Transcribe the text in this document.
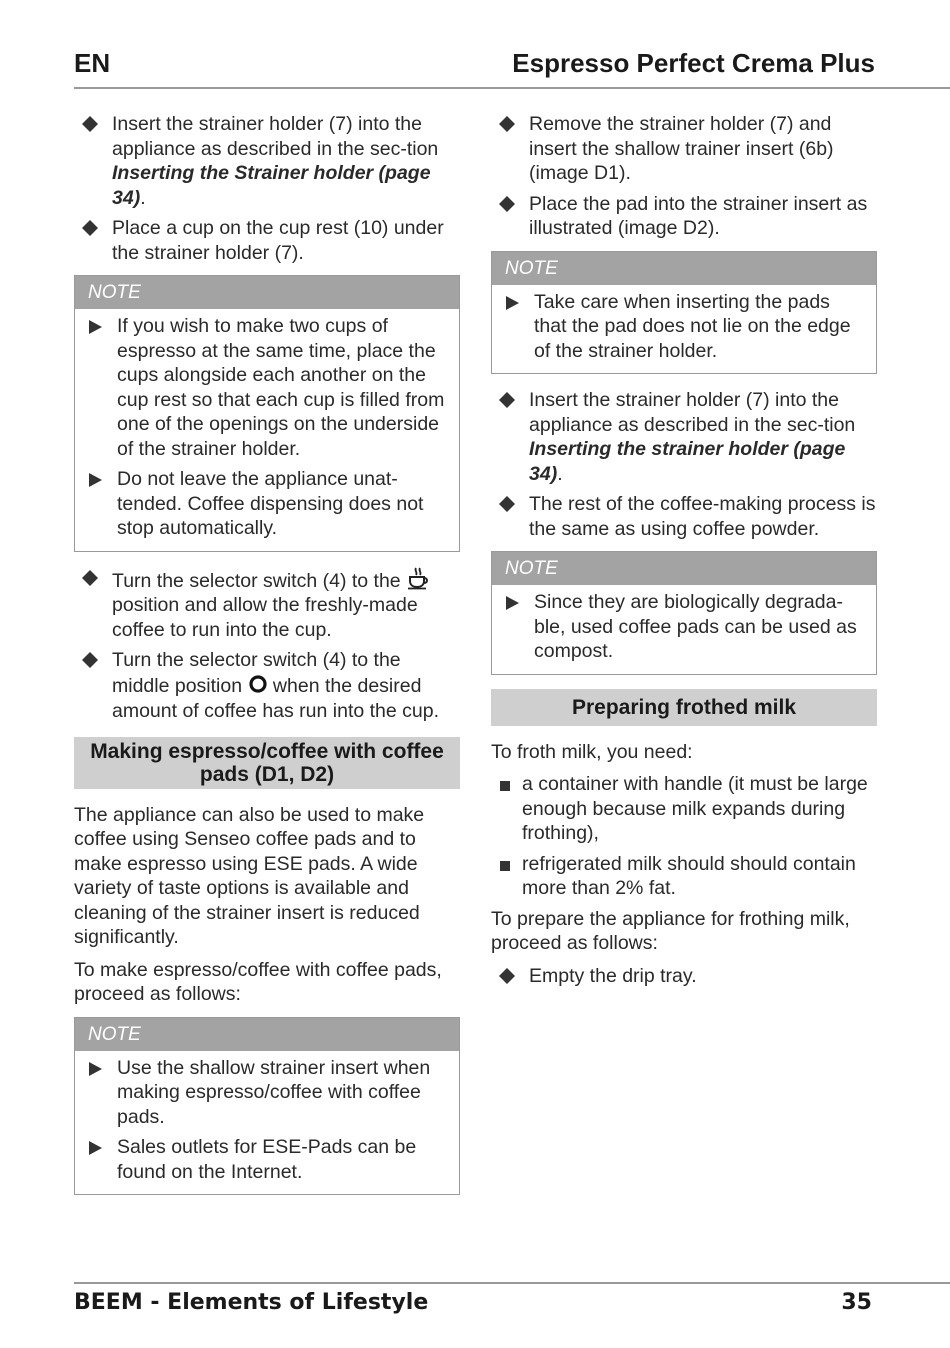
EN	Espresso Perfect Crema Plus
Insert the strainer holder (7) into the appliance as described in the sec-tion Inserting the Strainer holder (page 34).
Place a cup on the cup rest (10) under the strainer holder (7).
NOTE
If you wish to make two cups of espresso at the same time, place the cups alongside each another on the cup rest so that each cup is filled from one of the openings on the underside of the strainer holder.
Do not leave the appliance unat-tended. Coffee dispensing does not stop automatically.
Turn the selector switch (4) to the  position and allow the freshly-made coffee to run into the cup.
Turn the selector switch (4) to the middle position when the desired amount of coffee has run into the cup.
Making espresso/coffee with coffee pads (D1, D2)
The appliance can also be used to make coffee using Senseo coffee pads and to make espresso using ESE pads. A wide variety of taste options is available and cleaning of the strainer insert is reduced significantly.
To make espresso/coffee with coffee pads, proceed as follows:
NOTE
Use the shallow strainer insert when making espresso/coffee with coffee pads.
Sales outlets for ESE-Pads can be found on the Internet.
Remove the strainer holder (7) and insert the shallow trainer insert (6b) (image D1).
Place the pad into the strainer insert as illustrated (image D2).
NOTE
Take care when inserting the pads that the pad does not lie on the edge of the strainer holder.
Insert the strainer holder (7) into the appliance as described in the sec-tion Inserting the strainer holder (page 34).
The rest of the coffee-making process is the same as using coffee powder.
NOTE
Since they are biologically degrada-ble, used coffee pads can be used as compost.
Preparing frothed milk
To froth milk, you need:
a container with handle (it must be large enough because milk expands during frothing),
refrigerated milk should should contain more than 2% fat.
To prepare the appliance for frothing milk, proceed as follows:
Empty the drip tray.
BEEM - Elements of Lifestyle	35
